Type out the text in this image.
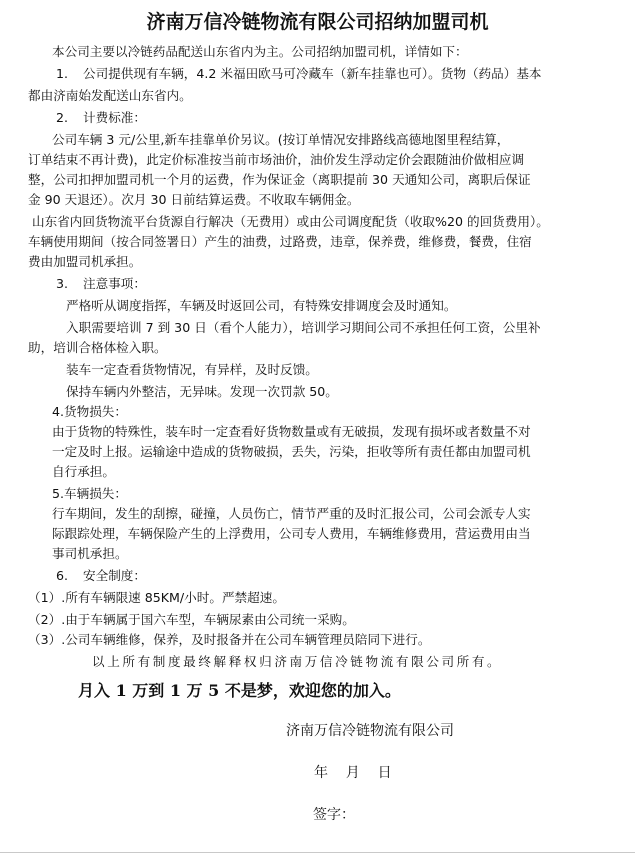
济南万信冷链物流有限公司招纳加盟司机

本公司主要以冷链药品配送山东省内为主。公司招纳加盟司机，详情如下：

1. 公司提供现有车辆，4.2 米福田欧马可冷藏车（新车挂靠也可）。货物（药品）基本

都由济南始发配送山东省内。

2. 计费标准：

公司车辆 3 元/公里,新车挂靠单价另议。(按订单情况安排路线高德地图里程结算，

订单结束不再计费)，此定价标准按当前市场油价，油价发生浮动定价会跟随油价做相应调

整，公司扣押加盟司机一个月的运费，作为保证金（离职提前 30 天通知公司，离职后保证

金 90 天退还）。次月 30 日前结算运费。不收取车辆佣金。

山东省内回货物流平台货源自行解决（无费用）或由公司调度配货（收取%20 的回货费用）。

车辆使用期间（按合同签署日）产生的油费，过路费，违章，保养费，维修费，餐费，住宿

费由加盟司机承担。

3. 注意事项：

严格听从调度指挥，车辆及时返回公司，有特殊安排调度会及时通知。

入职需要培训 7 到 30 日（看个人能力），培训学习期间公司不承担任何工资，公里补

助，培训合格体检入职。

装车一定查看货物情况，有异样，及时反馈。

保持车辆内外整洁，无异味。发现一次罚款 50。

4.货物损失：

由于货物的特殊性，装车时一定查看好货物数量或有无破损，发现有损坏或者数量不对

一定及时上报。运输途中造成的货物破损，丢失，污染，拒收等所有责任都由加盟司机

自行承担。

5.车辆损失：

行车期间，发生的刮擦，碰撞，人员伤亡，情节严重的及时汇报公司，公司会派专人实

际跟踪处理，车辆保险产生的上浮费用，公司专人费用，车辆维修费用，营运费用由当

事司机承担。

6. 安全制度：

（1）.所有车辆限速 85KM/小时。严禁超速。

（2）.由于车辆属于国六车型，车辆尿素由公司统一采购。

（3）.公司车辆维修，保养，及时报备并在公司车辆管理员陪同下进行。

以上所有制度最终解释权归济南万信冷链物流有限公司所有。

月入 1 万到 1 万 5 不是梦，欢迎您的加入。

济南万信冷链物流有限公司

年    月    日

签字：
